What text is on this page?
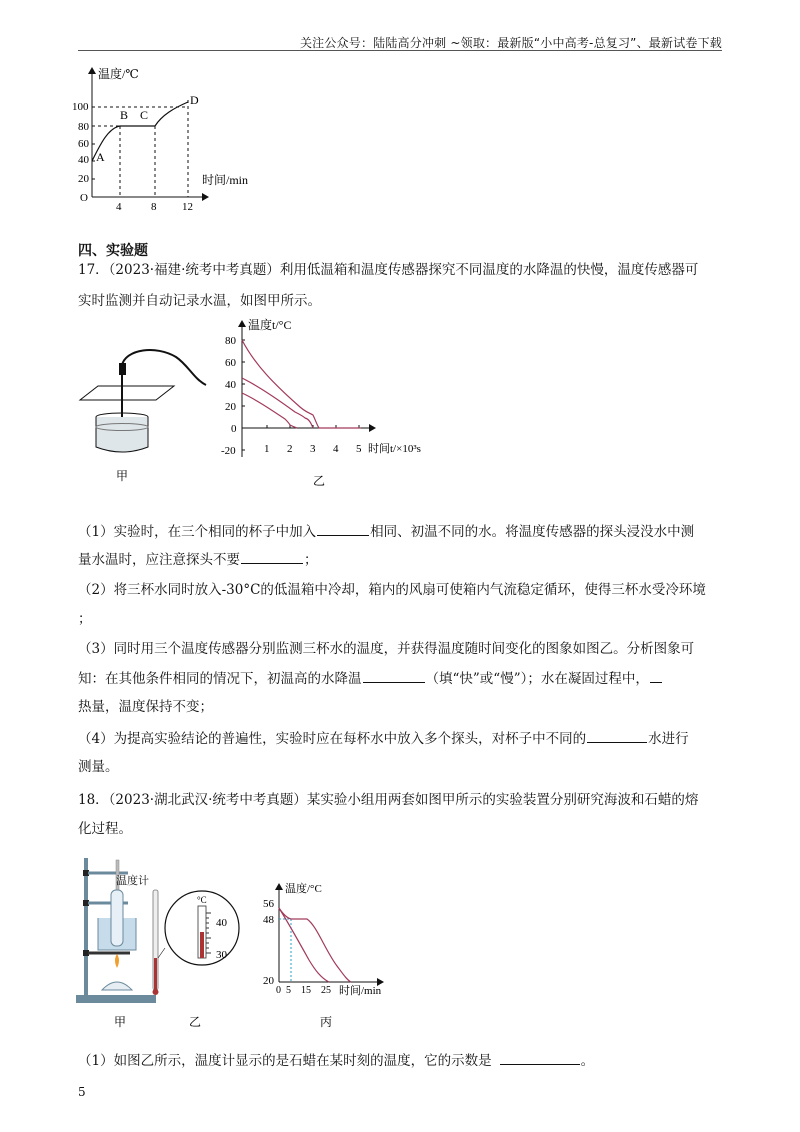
关注公众号：陆陆高分冲刺 ~领取：最新版“小中高考-总复习”、最新试卷下载
温度/℃
时间/min
100
80
60
40
20
O
4	8 12
A
B C
D
四、实验题
17．（2023·福建·统考中考真题）利用低温箱和温度传感器探究不同温度的水降温的快慢，温度传感器可
实时监测并自动记录水温，如图甲所示。
甲
温度t/°C
时间t/×10³s
80
60
40
20
0
-20	1 2 3 4 5
乙
（1）实验时，在三个相同的杯子中加入	相同、初温不同的水。将温度传感器的探头浸没水中测
量水温时，应注意探头不要	；
（2）将三杯水同时放入-30°C的低温箱中冷却，箱内的风扇可使箱内气流稳定循环，使得三杯水受冷环境
；
（3）同时用三个温度传感器分别监测三杯水的温度，并获得温度随时间变化的图象如图乙。分析图象可
知：在其他条件相同的情况下，初温高的水降温	（填“快”或“慢”）；水在凝固过程中，
热量，温度保持不变；
（4）为提高实验结论的普遍性，实验时应在每杯水中放入多个探头，对杯子中不同的	水进行
测量。
18．（2023·湖北武汉·统考中考真题）某实验小组用两套如图甲所示的实验装置分别研究海波和石蜡的熔
化过程。
甲
温度计
°C
40
30
乙
温度/°C
时间/min
56
48
20
0 5 15 25
丙
（1）如图乙所示，温度计显示的是石蜡在某时刻的温度，它的示数是	。
5
